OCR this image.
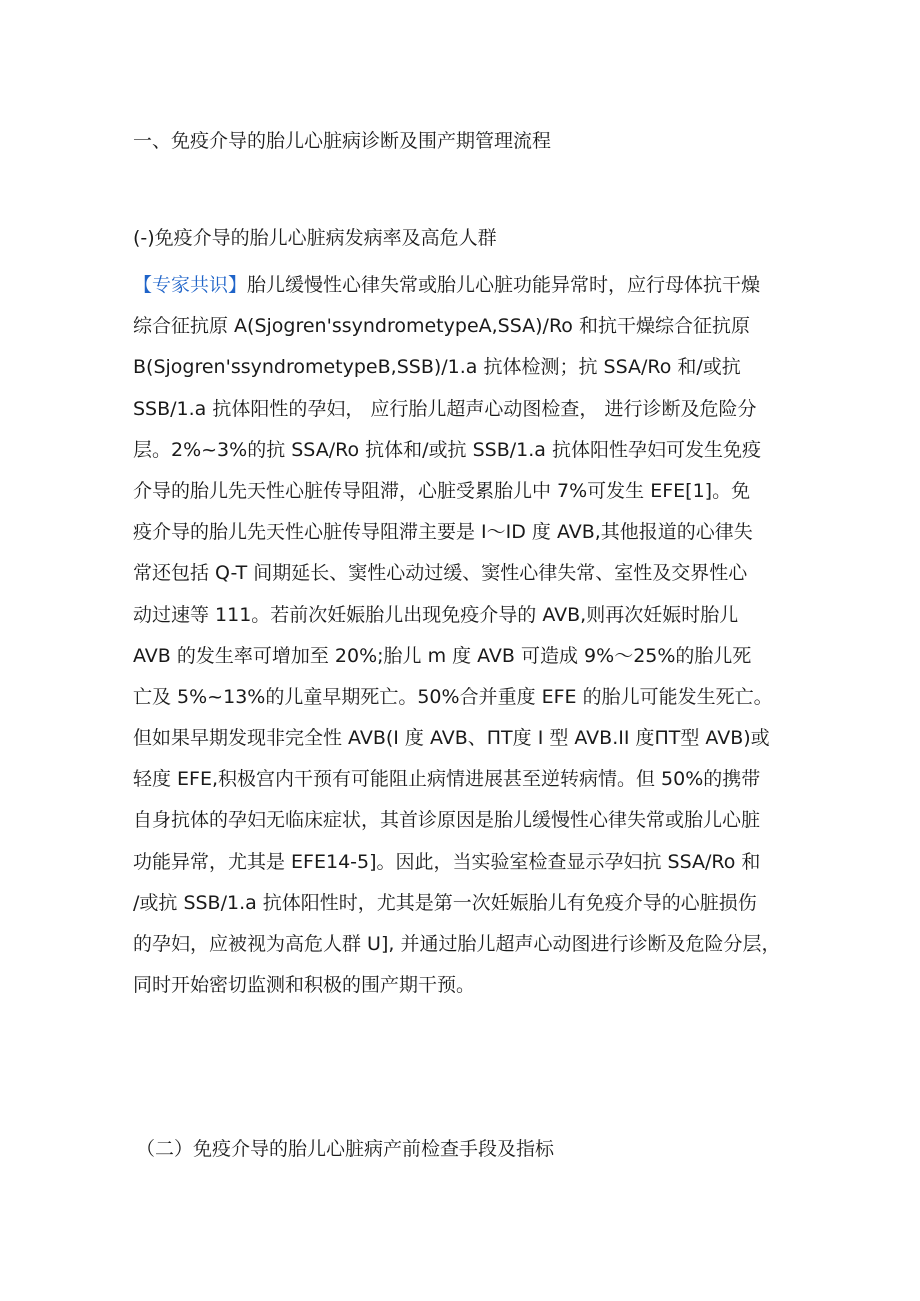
一、免疫介导的胎儿心脏病诊断及围产期管理流程
(-)免疫介导的胎儿心脏病发病率及高危人群
【专家共识】胎儿缓慢性心律失常或胎儿心脏功能异常时，应行母体抗干燥
综合征抗原 A(Sjogren'ssyndrometypeA,SSA)/Ro 和抗干燥综合征抗原
B(Sjogren'ssyndrometypeB,SSB)/1.a 抗体检测；抗 SSA/Ro 和/或抗
SSB/1.a 抗体阳性的孕妇， 应行胎儿超声心动图检查， 进行诊断及危险分
层。2%~3%的抗 SSA/Ro 抗体和/或抗 SSB/1.a 抗体阳性孕妇可发生免疫
介导的胎儿先天性心脏传导阻滞，心脏受累胎儿中 7%可发生 EFE[1]。免
疫介导的胎儿先天性心脏传导阻滞主要是 I～ID 度 AVB,其他报道的心律失
常还包括 Q-T 间期延长、窦性心动过缓、窦性心律失常、室性及交界性心
动过速等 111。若前次妊娠胎儿出现免疫介导的 AVB,则再次妊娠时胎儿
AVB 的发生率可增加至 20%;胎儿 m 度 AVB 可造成 9%～25%的胎儿死
亡及 5%~13%的儿童早期死亡。50%合并重度 EFE 的胎儿可能发生死亡。
但如果早期发现非完全性 AVB(I 度 AVB、ΠΤ度 I 型 AVB.II 度ΠΤ型 AVB)或
轻度 EFE,积极宫内干预有可能阻止病情进展甚至逆转病情。但 50%的携带
自身抗体的孕妇无临床症状，其首诊原因是胎儿缓慢性心律失常或胎儿心脏
功能异常，尤其是 EFE14-5]。因此，当实验室检查显示孕妇抗 SSA/Ro 和
/或抗 SSB/1.a 抗体阳性时，尤其是第一次妊娠胎儿有免疫介导的心脏损伤
的孕妇，应被视为高危人群 U], 并通过胎儿超声心动图进行诊断及危险分层，
同时开始密切监测和积极的围产期干预。
（二）免疫介导的胎儿心脏病产前检查手段及指标
